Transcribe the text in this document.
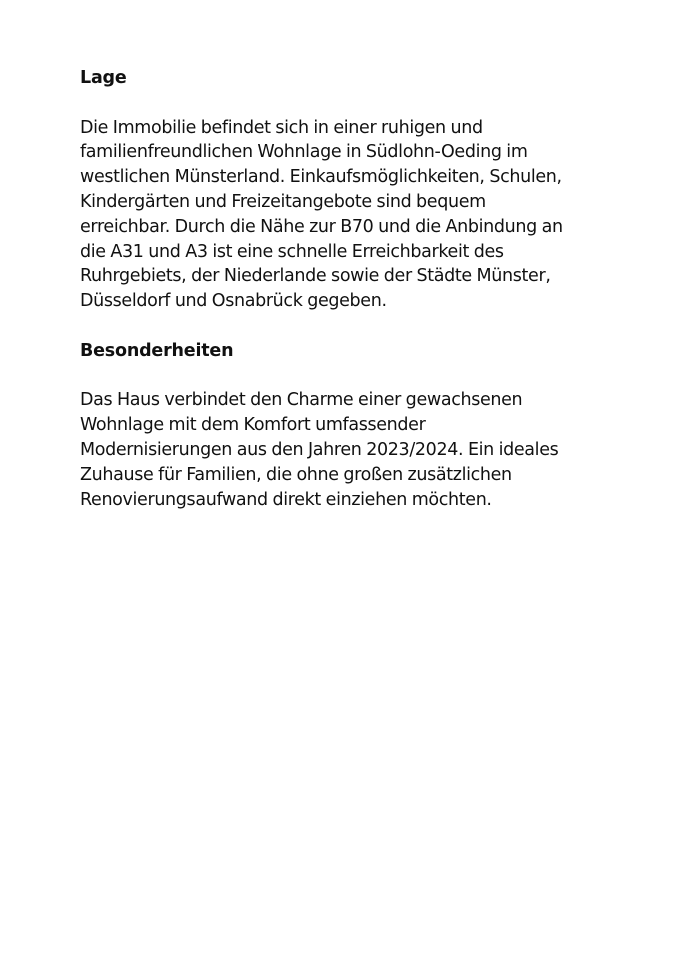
Lage

Die Immobilie befindet sich in einer ruhigen und
familienfreundlichen Wohnlage in Südlohn-Oeding im
westlichen Münsterland. Einkaufsmöglichkeiten, Schulen,
Kindergärten und Freizeitangebote sind bequem
erreichbar. Durch die Nähe zur B70 und die Anbindung an
die A31 und A3 ist eine schnelle Erreichbarkeit des
Ruhrgebiets, der Niederlande sowie der Städte Münster,
Düsseldorf und Osnabrück gegeben.

Besonderheiten

Das Haus verbindet den Charme einer gewachsenen
Wohnlage mit dem Komfort umfassender
Modernisierungen aus den Jahren 2023/2024. Ein ideales
Zuhause für Familien, die ohne großen zusätzlichen
Renovierungsaufwand direkt einziehen möchten.
